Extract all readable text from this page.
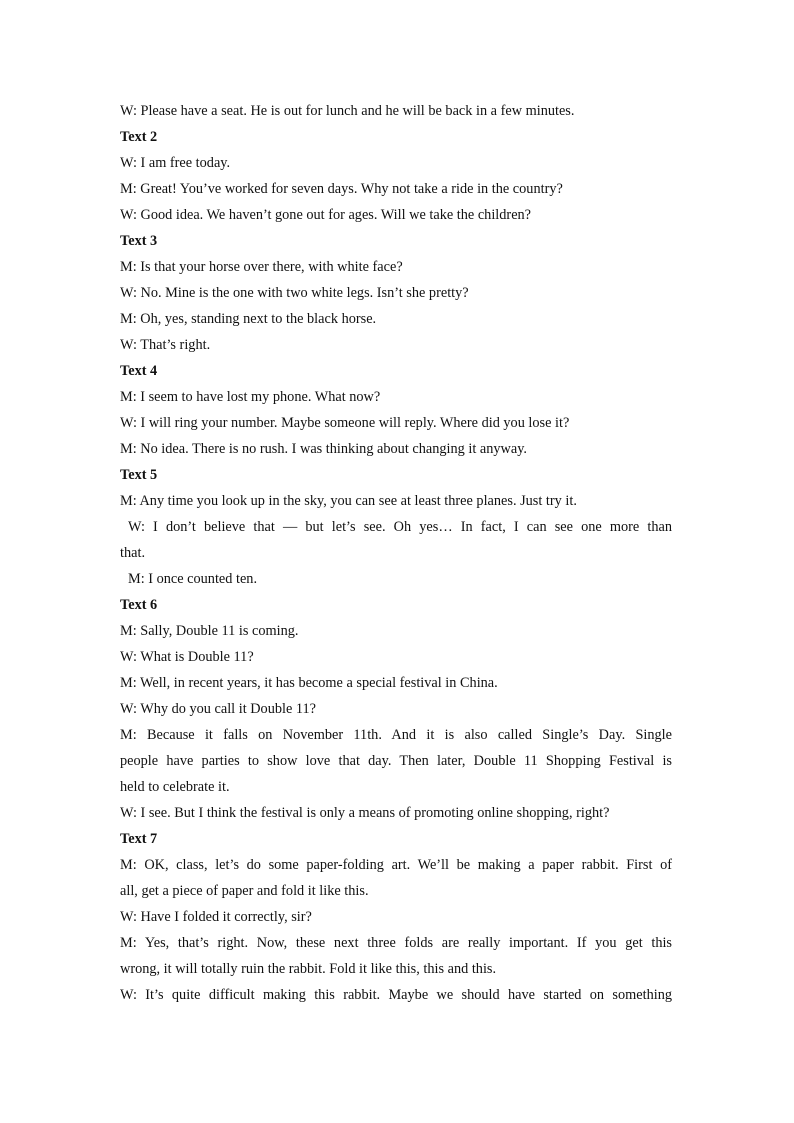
W: Please have a seat. He is out for lunch and he will be back in a few minutes.
Text 2
W: I am free today.
M: Great! You’ve worked for seven days. Why not take a ride in the country?
W: Good idea. We haven’t gone out for ages. Will we take the children?
Text 3
M: Is that your horse over there, with white face?
W: No. Mine is the one with two white legs. Isn’t she pretty?
M: Oh, yes, standing next to the black horse.
W: That’s right.
Text 4
M: I seem to have lost my phone. What now?
W: I will ring your number. Maybe someone will reply. Where did you lose it?
M: No idea. There is no rush. I was thinking about changing it anyway.
Text 5
M: Any time you look up in the sky, you can see at least three planes. Just try it.
W: I don’t believe that — but let’s see. Oh yes… In fact, I can see one more than
that.
M: I once counted ten.
Text 6
M: Sally, Double 11 is coming.
W: What is Double 11?
M: Well, in recent years, it has become a special festival in China.
W: Why do you call it Double 11?
M: Because it falls on November 11th. And it is also called Single’s Day. Single
people have parties to show love that day. Then later, Double 11 Shopping Festival is
held to celebrate it.
W: I see. But I think the festival is only a means of promoting online shopping, right?
Text 7
M: OK, class, let’s do some paper-folding art. We’ll be making a paper rabbit. First of
all, get a piece of paper and fold it like this.
W: Have I folded it correctly, sir?
M: Yes, that’s right. Now, these next three folds are really important. If you get this
wrong, it will totally ruin the rabbit. Fold it like this, this and this.
W: It’s quite difficult making this rabbit. Maybe we should have started on something
